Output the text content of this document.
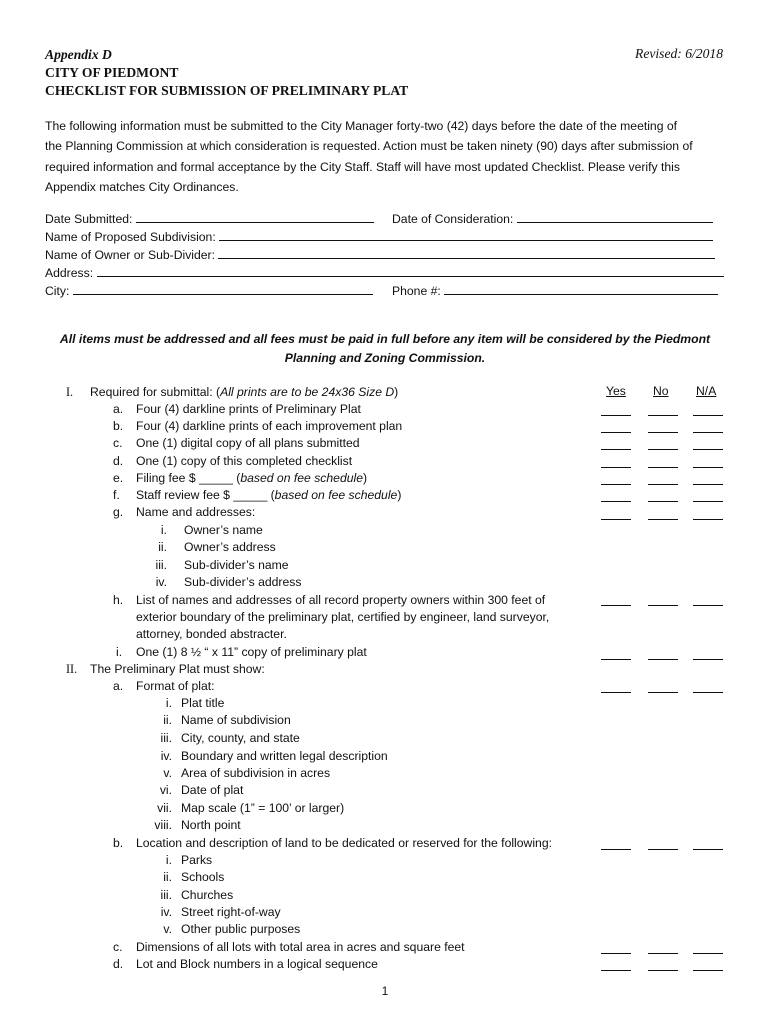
Appendix D
CITY OF PIEDMONT
CHECKLIST FOR SUBMISSION OF PRELIMINARY PLAT
Revised: 6/2018
The following information must be submitted to the City Manager forty-two (42) days before the date of the meeting of
the Planning Commission at which consideration is requested. Action must be taken ninety (90) days after submission of
required information and formal acceptance by the City Staff. Staff will have most updated Checklist. Please verify this
Appendix matches City Ordinances.
Date Submitted:	Date of Consideration:
Name of Proposed Subdivision:
Name of Owner or Sub-Divider:
Address:
City:	Phone #:
All items must be addressed and all fees must be paid in full before any item will be considered by the Piedmont
Planning and Zoning Commission.
Yes No N/A
I. Required for submittal: (All prints are to be 24x36 Size D)
a. Four (4) darkline prints of Preliminary Plat
b. Four (4) darkline prints of each improvement plan
c. One (1) digital copy of all plans submitted
d. One (1) copy of this completed checklist
e. Filing fee $ _____ (based on fee schedule)
f. Staff review fee $ _____ (based on fee schedule)
g. Name and addresses:
i. Owner’s name
ii. Owner’s address
iii. Sub-divider’s name
iv. Sub-divider’s address
h. List of names and addresses of all record property owners within 300 feet of
exterior boundary of the preliminary plat, certified by engineer, land surveyor,
attorney, bonded abstracter.
i. One (1) 8 ½ “ x 11” copy of preliminary plat
II. The Preliminary Plat must show:
a. Format of plat:
i. Plat title
ii. Name of subdivision
iii. City, county, and state
iv. Boundary and written legal description
v. Area of subdivision in acres
vi. Date of plat
vii. Map scale (1” = 100’ or larger)
viii. North point
b. Location and description of land to be dedicated or reserved for the following:
i. Parks
ii. Schools
iii. Churches
iv. Street right-of-way
v. Other public purposes
c. Dimensions of all lots with total area in acres and square feet
d. Lot and Block numbers in a logical sequence
1
